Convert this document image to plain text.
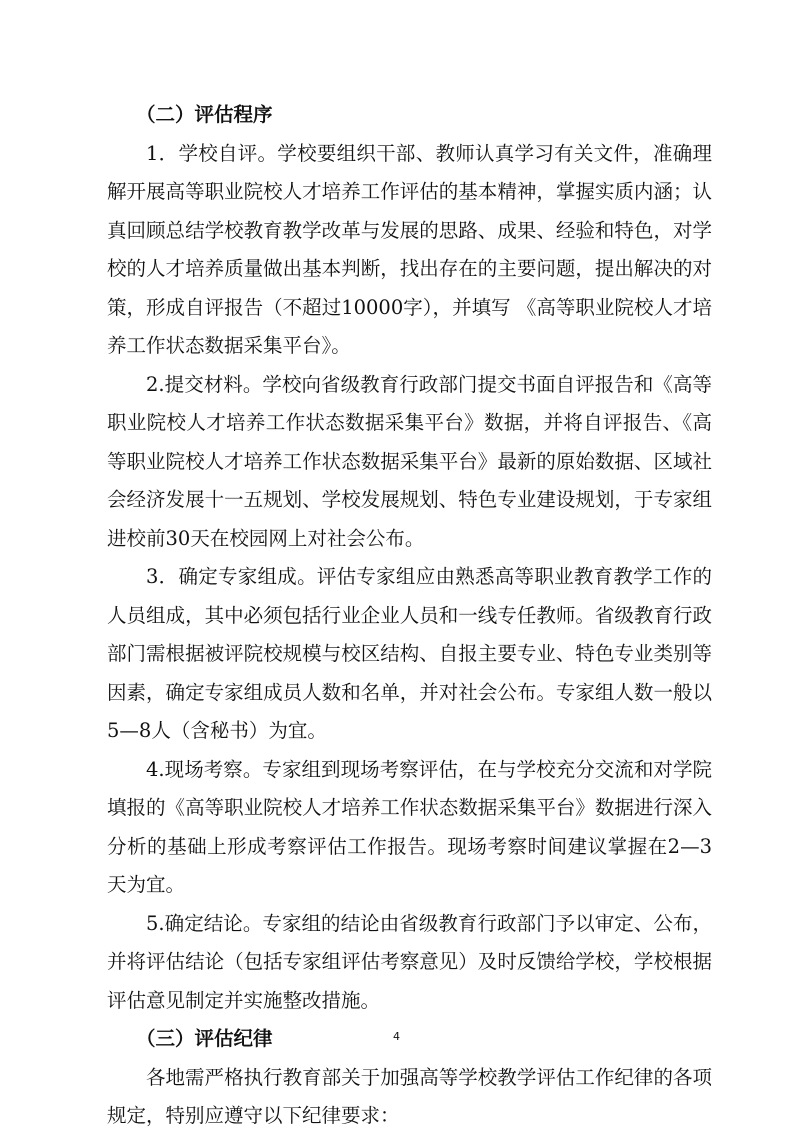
（二）评估程序

1．学校自评。学校要组织干部、教师认真学习有关文件，准确理解开展高等职业院校人才培养工作评估的基本精神，掌握实质内涵；认真回顾总结学校教育教学改革与发展的思路、成果、经验和特色，对学校的人才培养质量做出基本判断，找出存在的主要问题，提出解决的对策，形成自评报告（不超过10000字），并填写 《高等职业院校人才培养工作状态数据采集平台》。

2.提交材料。学校向省级教育行政部门提交书面自评报告和《高等职业院校人才培养工作状态数据采集平台》数据，并将自评报告、《高等职业院校人才培养工作状态数据采集平台》最新的原始数据、区域社会经济发展十一五规划、学校发展规划、特色专业建设规划，于专家组进校前30天在校园网上对社会公布。

3．确定专家组成。评估专家组应由熟悉高等职业教育教学工作的人员组成，其中必须包括行业企业人员和一线专任教师。省级教育行政部门需根据被评院校规模与校区结构、自报主要专业、特色专业类别等因素，确定专家组成员人数和名单，并对社会公布。专家组人数一般以5—8人（含秘书）为宜。

4.现场考察。专家组到现场考察评估，在与学校充分交流和对学院填报的《高等职业院校人才培养工作状态数据采集平台》数据进行深入分析的基础上形成考察评估工作报告。现场考察时间建议掌握在2—3天为宜。

5.确定结论。专家组的结论由省级教育行政部门予以审定、公布，并将评估结论（包括专家组评估考察意见）及时反馈给学校，学校根据评估意见制定并实施整改措施。

（三）评估纪律

各地需严格执行教育部关于加强高等学校教学评估工作纪律的各项规定，特别应遵守以下纪律要求：

4
